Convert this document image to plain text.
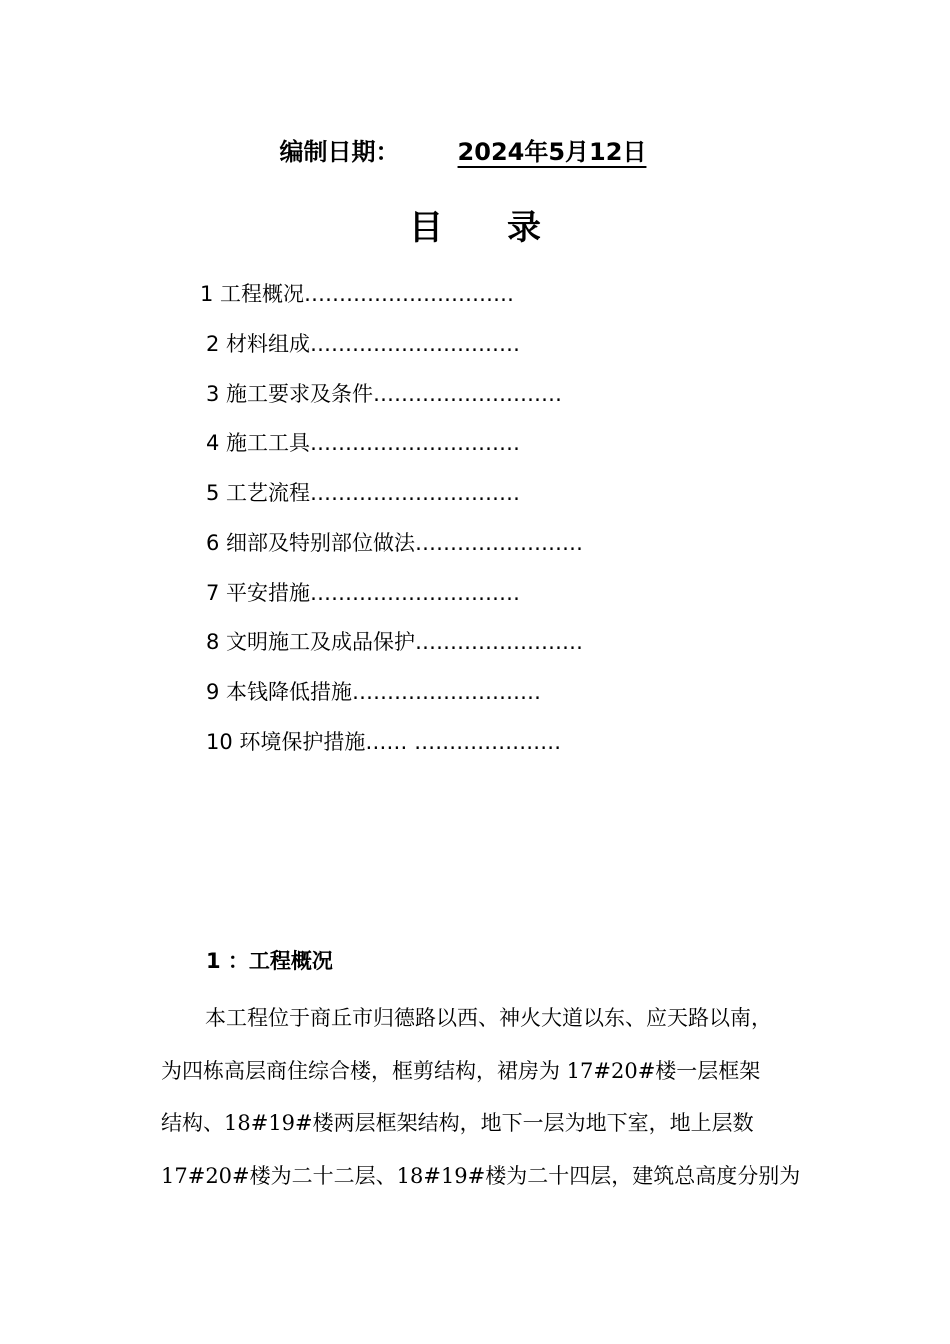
编制日期： 2024年5月12日
目录
1 工程概况…………………………
2 材料组成…………………………
3 施工要求及条件………………………
4 施工工具…………………………
5 工艺流程…………………………
6 细部及特别部位做法……………………
7 平安措施…………………………
8 文明施工及成品保护……………………
9 本钱降低措施………………………
10 环境保护措施…… …………………
1 ：工程概况
本工程位于商丘市归德路以西、神火大道以东、应天路以南，
为四栋高层商住综合楼，框剪结构，裙房为 17#20#楼一层框架
结构、18#19#楼两层框架结构，地下一层为地下室，地上层数
17#20#楼为二十二层、18#19#楼为二十四层，建筑总高度分别为
